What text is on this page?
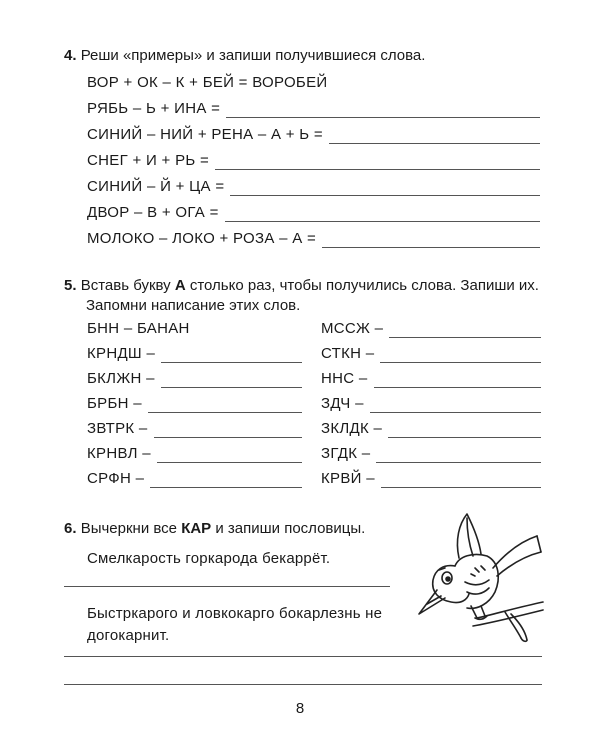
4. Реши «примеры» и запиши получившиеся слова.
ВОР + ОК – К + БЕЙ = ВОРОБЕЙ
РЯБЬ – Ь + ИНА =
СИНИЙ – НИЙ + РЕНА – А + Ь =
СНЕГ + И + РЬ =
СИНИЙ – Й + ЦА =
ДВОР – В + ОГА =
МОЛОКО – ЛОКО + РОЗА – А =
5. Вставь букву А столько раз, чтобы получились слова. Запиши их.
Запомни написание этих слов.
БНН – БАНАН
КРНДШ –
БКЛЖН –
БРБН –
ЗВТРК –
КРНВЛ –
СРФН –
МССЖ –
СТКН –
ННС –
ЗДЧ –
ЗКЛДК –
ЗГДК –
КРВЙ –
6. Вычеркни все КАР и запиши пословицы.
Смелкарость горкарода бекаррёт.
Быстркарого и ловкокарго бокарлезнь не
догокарнит.
8
